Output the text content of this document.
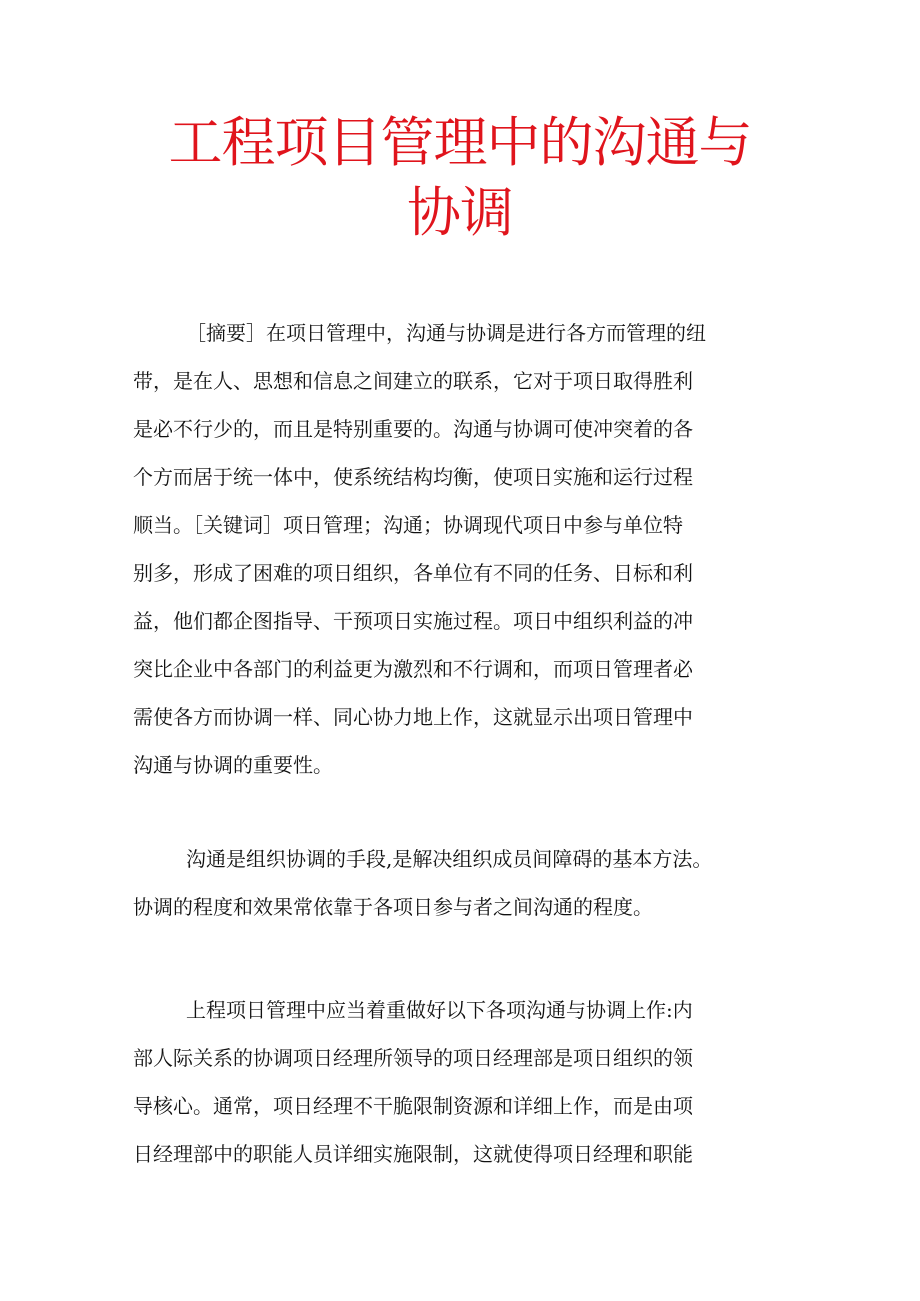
工程项目管理中的沟通与
协调
［摘要］在项日管理中，沟通与协调是进行各方而管理的纽
带，是在人、思想和信息之间建立的联系，它对于项日取得胜利
是必不行少的，而且是特别重要的。沟通与协调可使冲突着的各
个方而居于统一体中，使系统结构均衡，使项日实施和运行过程
顺当。［关键词］项日管理；沟通；协调现代项日中参与单位特
别多，形成了困难的项日组织，各单位有不同的任务、日标和利
益，他们都企图指导、干预项日实施过程。项日中组织利益的冲
突比企业中各部门的利益更为激烈和不行调和，而项日管理者必
需使各方而协调一样、同心协力地上作，这就显示出项日管理中
沟通与协调的重要性。
沟通是组织协调的手段,是解决组织成员间障碍的基本方法。
协调的程度和效果常依靠于各项日参与者之间沟通的程度。
上程项日管理中应当着重做好以下各项沟通与协调上作:内
部人际关系的协调项日经理所领导的项日经理部是项日组织的领
导核心。通常，项日经理不干脆限制资源和详细上作，而是由项
日经理部中的职能人员详细实施限制，这就使得项日经理和职能
